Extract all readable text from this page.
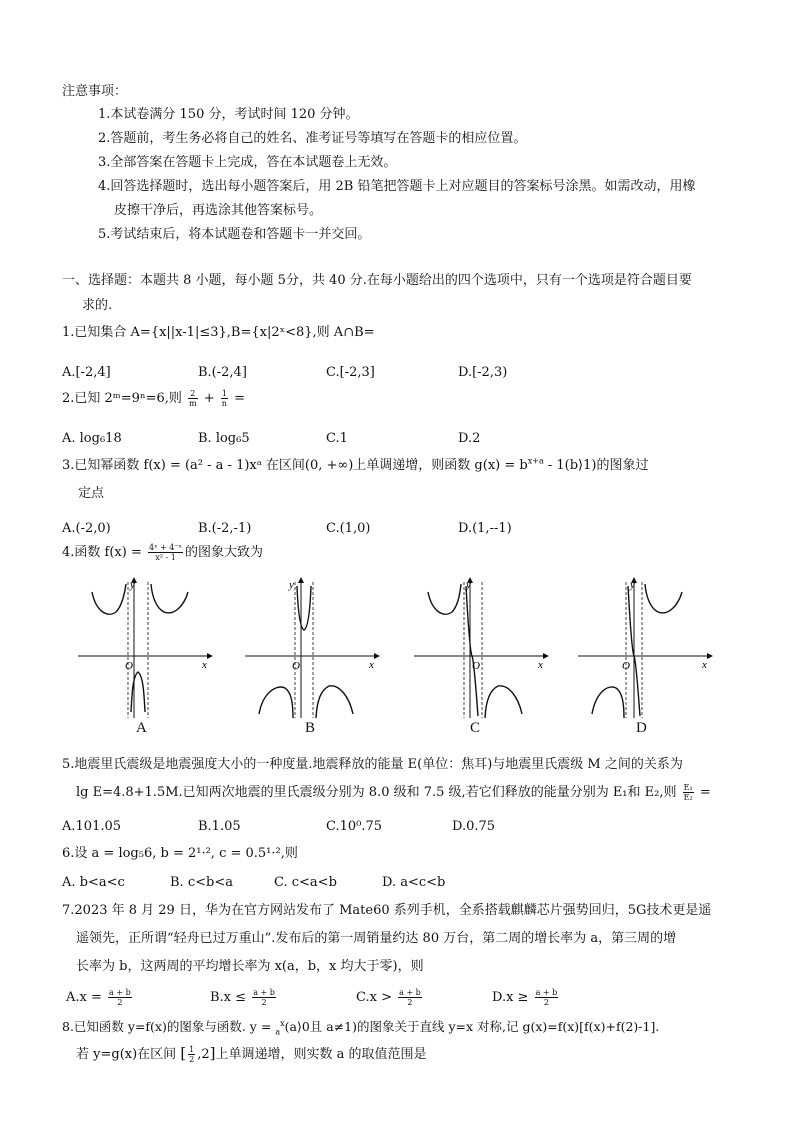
注意事项：
1.本试卷满分 150 分，考试时间 120 分钟。
2.答题前，考生务必将自己的姓名、准考证号等填写在答题卡的相应位置。
3.全部答案在答题卡上完成，答在本试题卷上无效。
4.回答选择题时，选出每小题答案后，用 2B 铅笔把答题卡上对应题目的答案标号涂黑。如需改动，用橡
皮擦干净后，再选涂其他答案标号。
5.考试结束后，将本试题卷和答题卡一并交回。
一、选择题：本题共 8 小题，每小题 5分，共 40 分.在每小题给出的四个选项中，只有一个选项是符合题目要
求的.
1.已知集合 A={x||x-1|≤3},B={x|2ˣ<8},则 A∩B=
A.[-2,4]	B.(-2,4]	C.[-2,3]	D.[-2,3)
2.已知 2ᵐ=9ⁿ=6,则 $\frac{2}{m} + \frac{1}{n}$ =
A. log₆18	B. log₆5	C.1	D.2
3.已知幂函数 f(x) = (a² - a - 1)xᵃ 在区间(0, +∞)上单调递增，则函数 $g(x) = b^{x+a}$ - 1(b⟩1)的图象过
定点
A.(-2,0)	B.(-2,-1)	C.(1,0)	D.(1,--1)
4.函数 $f(x) = \frac{\text{4ˣ + 4⁻ˣ}}{\text{x² - 1}}$ 的图象大致为
y
x
O
A
y
x
O
B
y
x
O
C
y
x
O
D
5.地震里氏震级是地震强度大小的一种度量.地震释放的能量 E(单位：焦耳)与地震里氏震级 M 之间的关系为
lg E=4.8+1.5M.已知两次地震的里氏震级分别为 8.0 级和 7.5 级,若它们释放的能量分别为 E₁和 E₂,则 $\frac{\text{E₁}}{\text{E₂}}$ =
A.101.05	B.1.05	C.10⁰.75	D.0.75
6.设 a = log₅6, b = 2¹·², c = 0.5¹·²,则
A. b<a<c	B. c<b<a	C. c<a<b	D. a<c<b
7.2023 年 8 月 29 日，华为在官方网站发布了 Mate60 系列手机，全系搭载麒麟芯片强势回归，5G技术更是遥
遥领先，正所谓“轻舟已过万重山”.发布后的第一周销量约达 80 万台，第二周的增长率为 a，第三周的增
长率为 b，这两周的平均增长率为 x(a，b，x 均大于零)，则
$A.x = \frac{a + b}{2}$	$B.x \le \frac{a + b}{2}$	$C.x > \frac{a + b}{2}$	$D.x \ge \frac{a + b}{2}$
8.已知函数 y=f(x)的图象与函数. y = $_a^x$(a⟩0且 a≠1)的图象关于直线 y=x 对称,记 g(x)=f(x)[f(x)+f(2)-1].
若 y=g(x)在区间 [ $\frac{1}{2} ,2$]上单调递增，则实数 a 的取值范围是
